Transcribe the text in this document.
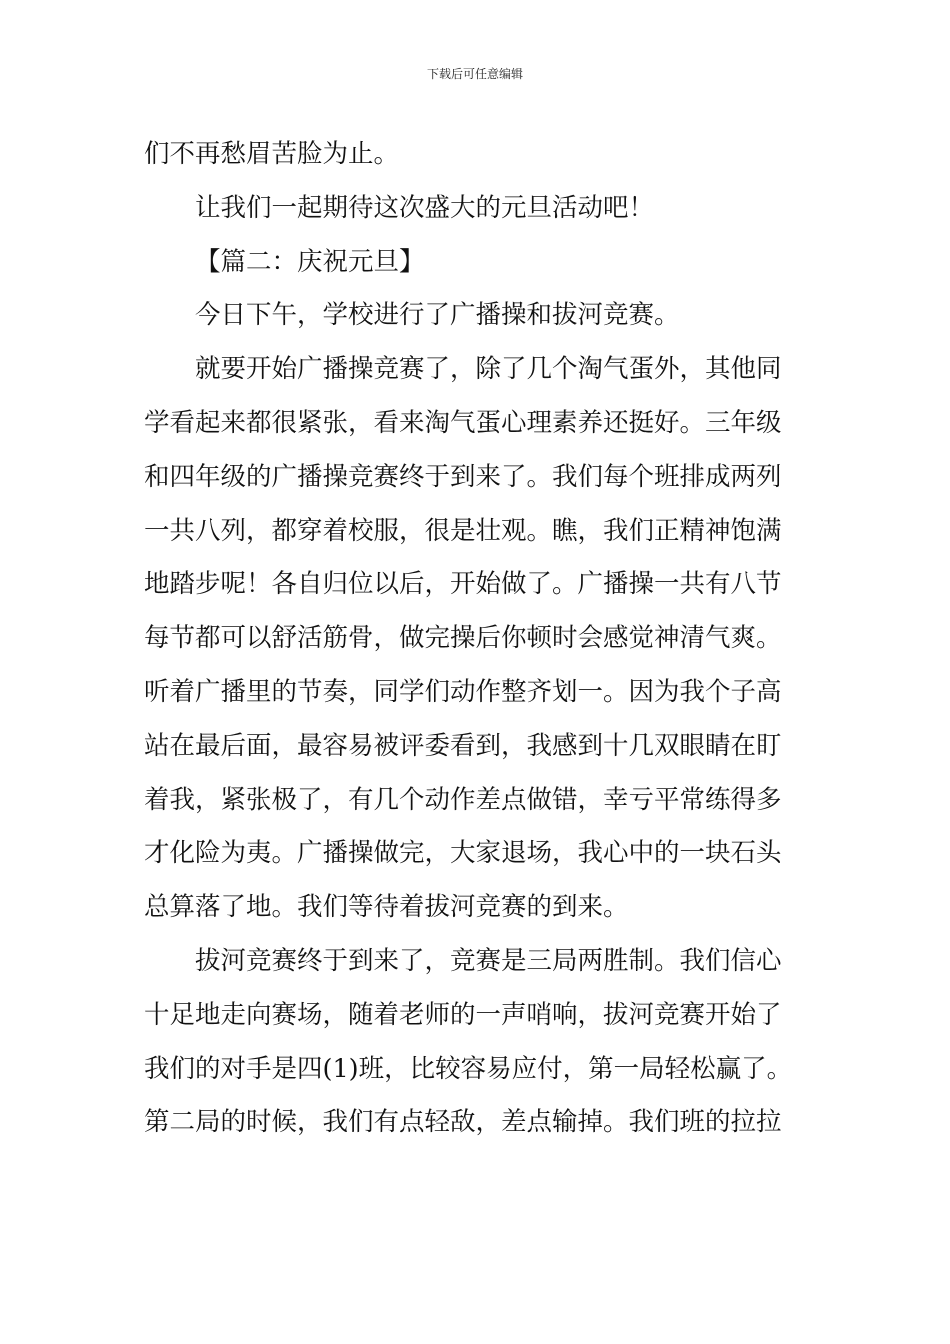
下载后可任意编辑
们不再愁眉苦脸为止。
让我们一起期待这次盛大的元旦活动吧！
【篇二：庆祝元旦】
今日下午，学校进行了广播操和拔河竞赛。
就要开始广播操竞赛了，除了几个淘气蛋外，其他同
学看起来都很紧张，看来淘气蛋心理素养还挺好。三年级
和四年级的广播操竞赛终于到来了。我们每个班排成两列
一共八列，都穿着校服，很是壮观。瞧，我们正精神饱满
地踏步呢！各自归位以后，开始做了。广播操一共有八节
每节都可以舒活筋骨，做完操后你顿时会感觉神清气爽。
听着广播里的节奏，同学们动作整齐划一。因为我个子高
站在最后面，最容易被评委看到，我感到十几双眼睛在盯
着我，紧张极了，有几个动作差点做错，幸亏平常练得多
才化险为夷。广播操做完，大家退场，我心中的一块石头
总算落了地。我们等待着拔河竞赛的到来。
拔河竞赛终于到来了，竞赛是三局两胜制。我们信心
十足地走向赛场，随着老师的一声哨响，拔河竞赛开始了
我们的对手是四(1)班，比较容易应付，第一局轻松赢了。
第二局的时候，我们有点轻敌，差点输掉。我们班的拉拉
